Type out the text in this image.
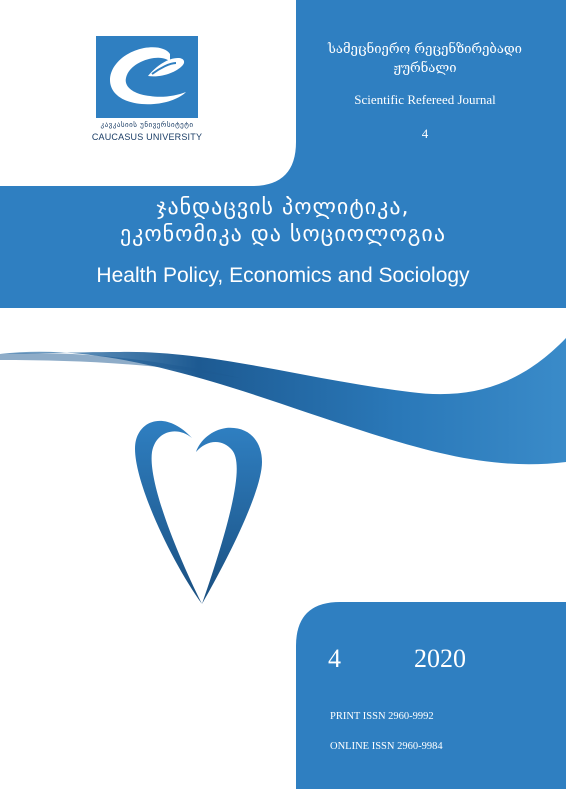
კავკასიის უნივერსიტეტი
CAUCASUS UNIVERSITY
სამეცნიერო რეცენზირებადი ჟურნალი
Scientific Refereed Journal
4
ჯანდაცვის პოლიტიკა,
ეკონომიკა და სოციოლოგია
Health Policy, Economics and Sociology
4	2020
PRINT ISSN 2960-9992
ONLINE ISSN 2960-9984
